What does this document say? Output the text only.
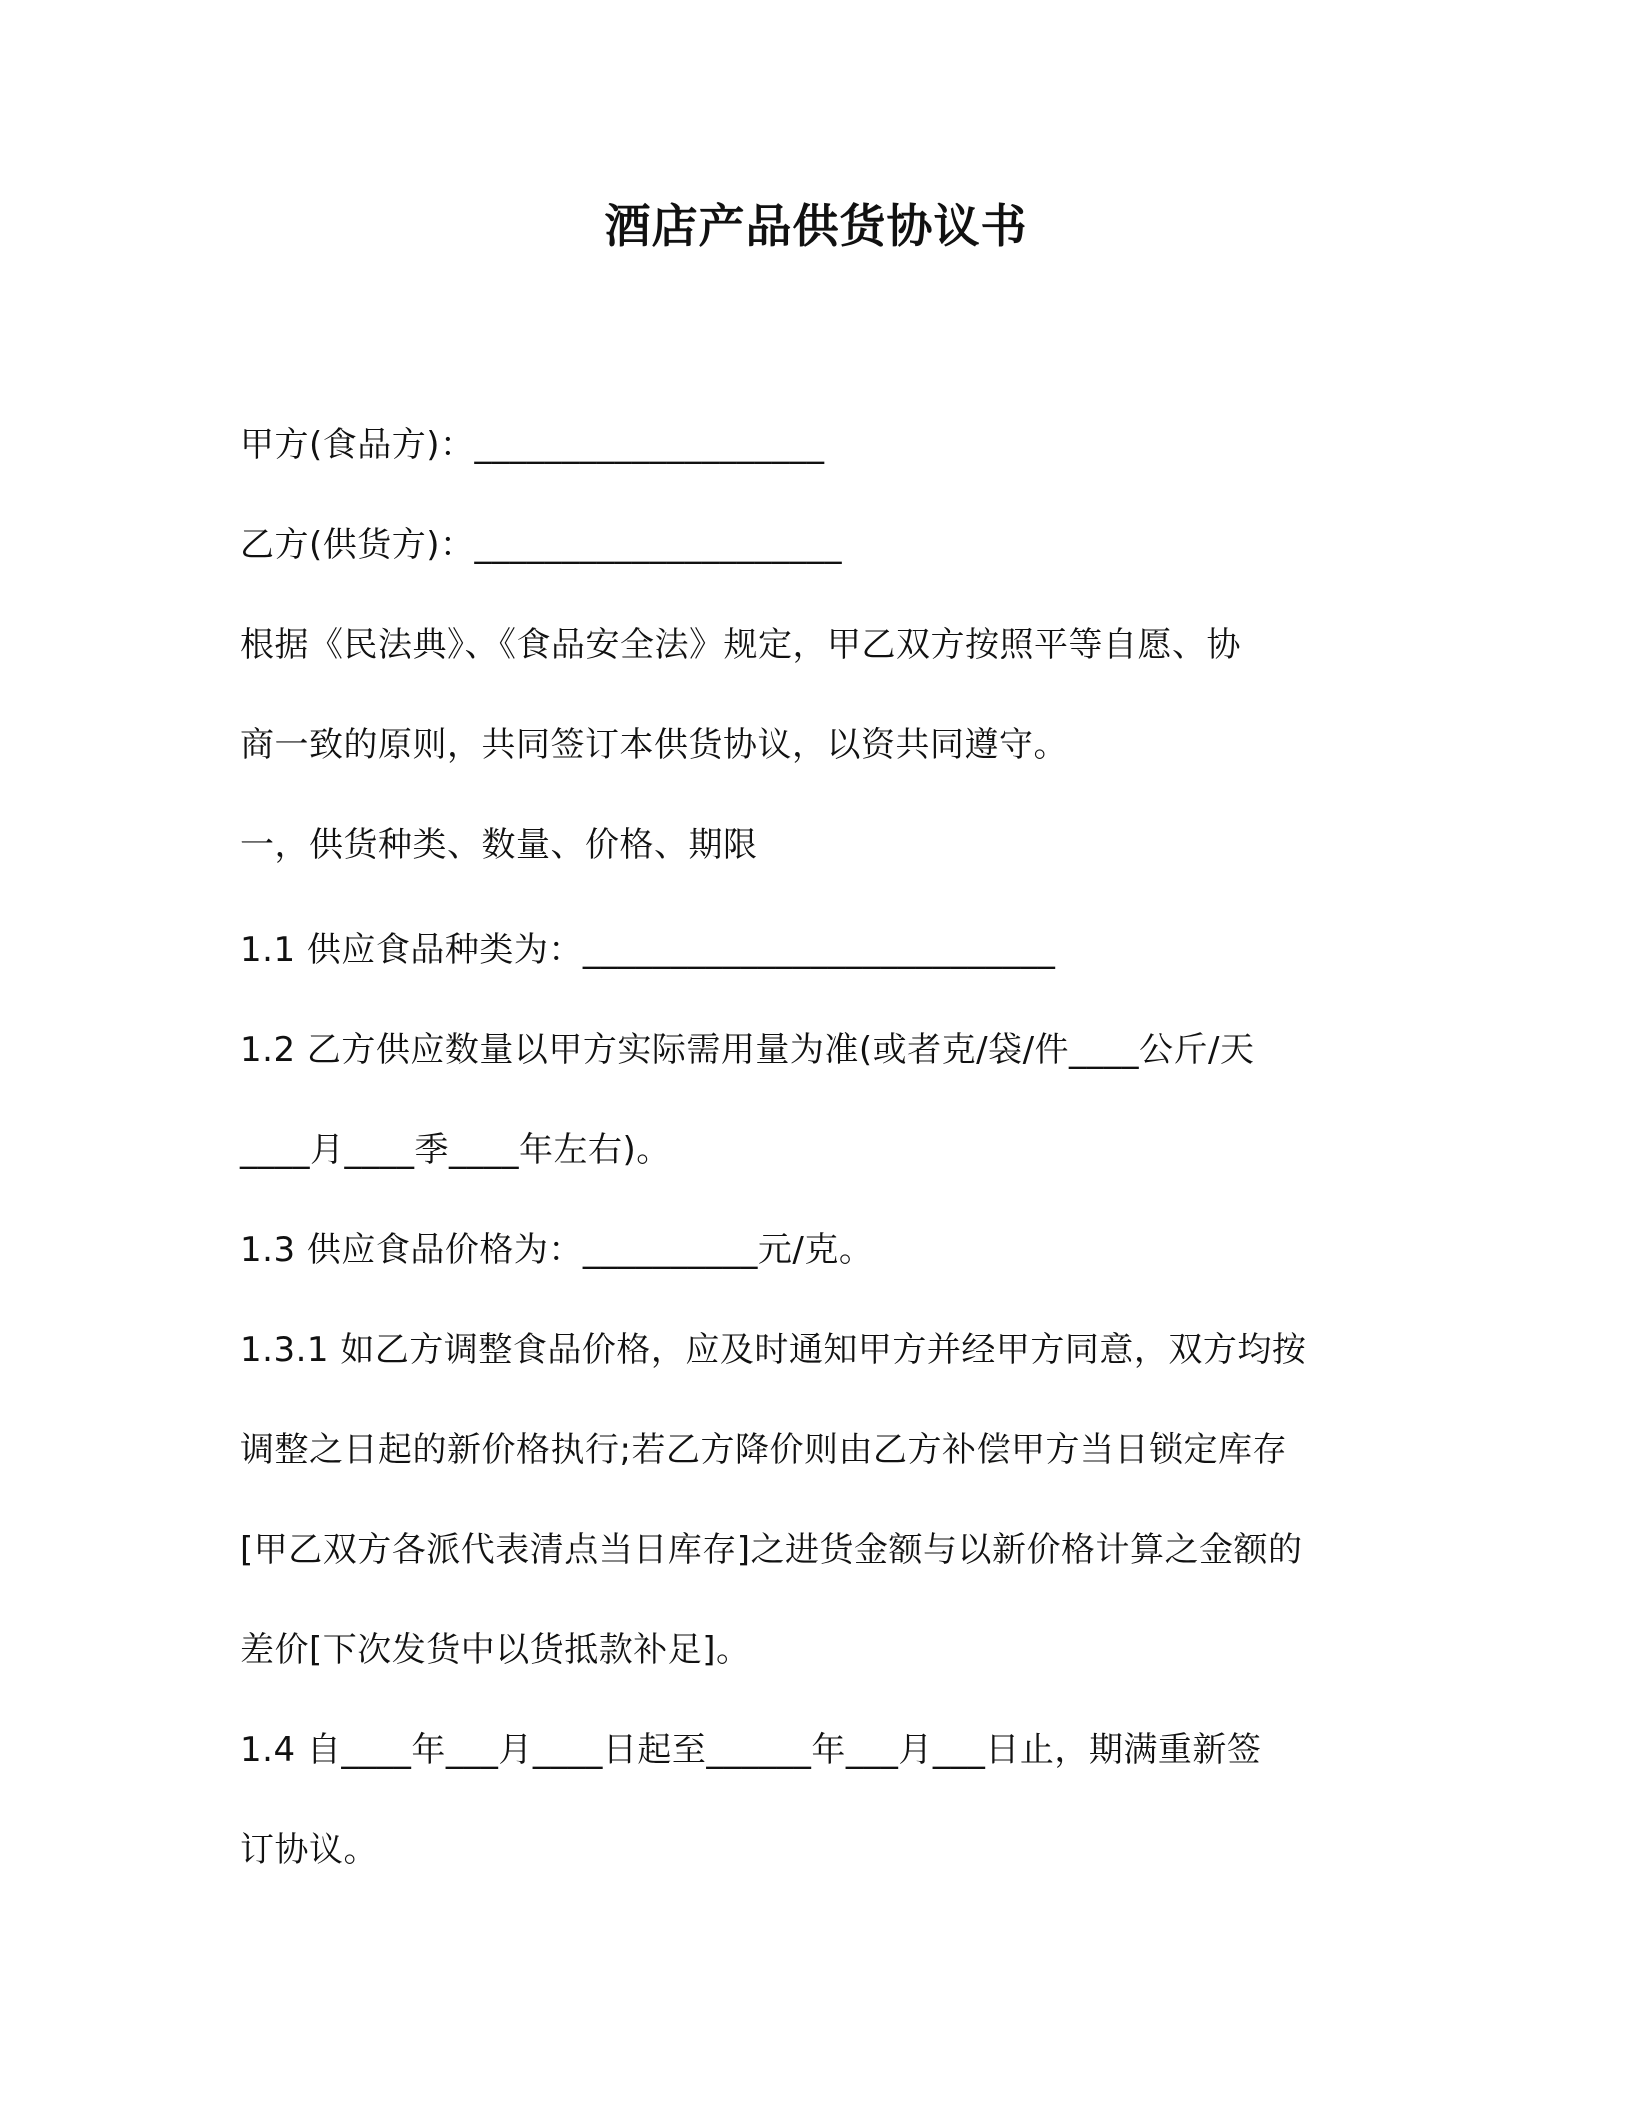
酒店产品供货协议书
甲方(食品方)：____________________
乙方(供货方)：_____________________
根据《民法典》、《食品安全法》规定，甲乙双方按照平等自愿、协
商一致的原则，共同签订本供货协议，以资共同遵守。
一，供货种类、数量、价格、期限
1.1 供应食品种类为：___________________________
1.2 乙方供应数量以甲方实际需用量为准(或者克/袋/件____公斤/天
____月____季____年左右)。
1.3 供应食品价格为：__________元/克。
1.3.1 如乙方调整食品价格，应及时通知甲方并经甲方同意，双方均按
调整之日起的新价格执行;若乙方降价则由乙方补偿甲方当日锁定库存
[甲乙双方各派代表清点当日库存]之进货金额与以新价格计算之金额的
差价[下次发货中以货抵款补足]。
1.4 自____年___月____日起至______年___月___日止，期满重新签
订协议。
